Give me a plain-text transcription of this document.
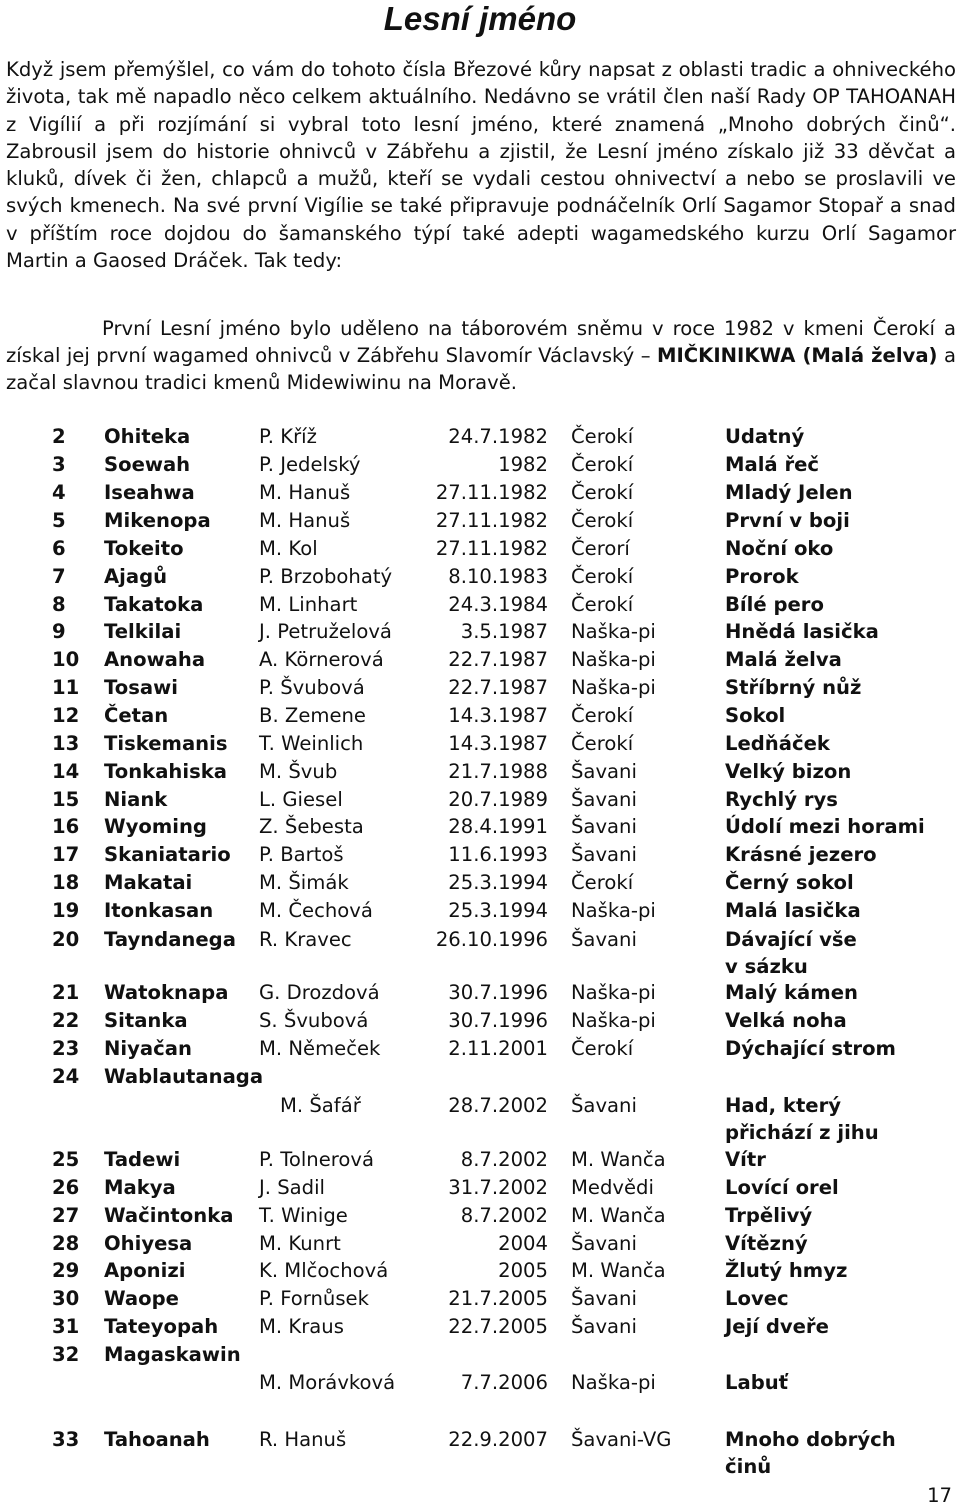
Lesní jméno
Když jsem přemýšlel, co vám do tohoto čísla Březové kůry napsat z oblasti tradic a ohniveckého života, tak mě napadlo něco celkem aktuálního. Nedávno se vrátil člen naší Rady OP TAHOANAH z Vigílií a při rozjímání si vybral toto lesní jméno, které znamená „Mnoho dobrých činů“. Zabrousil jsem do historie ohnivců v Zábřehu a zjistil, že Lesní jméno získalo již 33 děvčat a kluků, dívek či žen, chlapců a mužů, kteří se vydali cestou ohnivectví a nebo se proslavili ve svých kmenech. Na své první Vigílie se také připravuje podnáčelník Orlí Sagamor Stopař a snad v příštím roce dojdou do šamanského týpí také adepti wagamedského kurzu Orlí Sagamor Martin a Gaosed Dráček. Tak tedy:
První Lesní jméno bylo uděleno na táborovém sněmu v roce 1982 v kmeni Čerokí a získal jej první wagamed ohnivců v Zábřehu Slavomír Václavský – MIČKINIKWA (Malá želva) a začal slavnou tradici kmenů Midewiwinu na Moravě.
2 Ohiteka	P. Kříž	24.7.1982 Čerokí	Udatný
3 Soewah	P. Jedelský	1982 Čerokí	Malá řeč
4 Iseahwa	M. Hanuš	27.11.1982 Čerokí	Mladý Jelen
5 Mikenopa M. Hanuš	27.11.1982 Čerokí	První v boji
6 Tokeito	M. Kol	27.11.1982 Čerorí	Noční oko
7 Ajagů	P. Brzobohatý	8.10.1983 Čerokí	Prorok
8 Takatoka	M. Linhart	24.3.1984 Čerokí	Bílé pero
9 Telkilai	J. Petruželová	3.5.1987 Naška-pi	Hnědá lasička
10 Anowaha	A. Körnerová	22.7.1987 Naška-pi	Malá želva
11 Tosawi	P. Švubová	22.7.1987 Naška-pi	Stříbrný nůž
12 Četan	B. Zemene	14.3.1987 Čerokí	Sokol
13 Tiskemanis T. Weinlich	14.3.1987 Čerokí	Ledňáček
14 Tonkahiska M. Švub	21.7.1988 Šavani	Velký bizon
15 Niank	L. Giesel	20.7.1989 Šavani	Rychlý rys
16 Wyoming	Z. Šebesta	28.4.1991 Šavani	Údolí mezi horami
17 Skaniatario P. Bartoš	11.6.1993 Šavani	Krásné jezero
18 Makatai	M. Šimák	25.3.1994 Čerokí	Černý sokol
19 Itonkasan M. Čechová	25.3.1994 Naška-pi	Malá lasička
20 Tayndanega R. Kravec	26.10.1996 Šavani	Dávající vše
v sázku
21 Watoknapa G. Drozdová	30.7.1996 Naška-pi	Malý kámen
22 Sitanka	S. Švubová	30.7.1996 Naška-pi	Velká noha
23 Niyačan	M. Němeček	2.11.2001 Čerokí	Dýchající strom
24 Wablautanaga
M. Šafář	28.7.2002 Šavani	Had, který
přichází z jihu
25 Tadewi	P. Tolnerová	8.7.2002 M. Wanča	Vítr
26 Makya	J. Sadil	31.7.2002 Medvědi	Lovící orel
27 Wačintonka T. Winige	8.7.2002 M. Wanča	Trpělivý
28 Ohiyesa	M. Kunrt	2004 Šavani	Vítězný
29 Aponizi	K. Mlčochová	2005 M. Wanča	Žlutý hmyz
30 Waope	P. Fornůsek	21.7.2005 Šavani	Lovec
31 Tateyopah M. Kraus	22.7.2005 Šavani	Její dveře
32 Magaskawin
M. Morávková	7.7.2006 Naška-pi	Labuť
33 Tahoanah	R. Hanuš	22.9.2007 Šavani-VG	Mnoho dobrých
činů
17
